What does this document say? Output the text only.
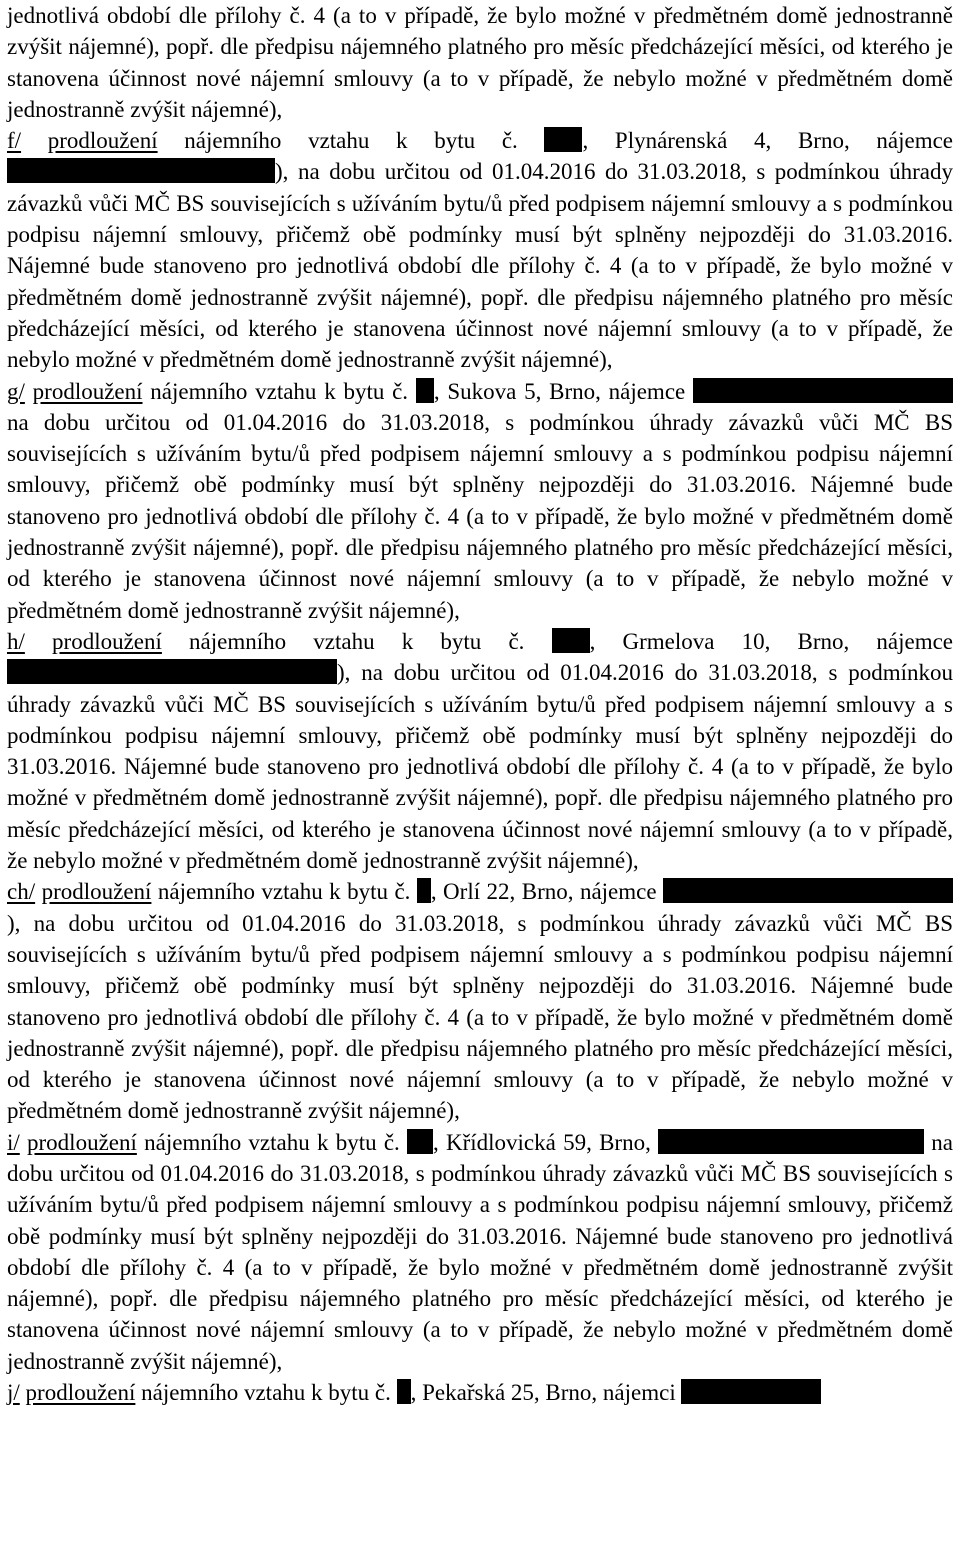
jednotlivá období dle přílohy č. 4 (a to v případě, že bylo možné v předmětném domě jednostranně zvýšit nájemné), popř. dle předpisu nájemného platného pro měsíc předcházející měsíci, od kterého je stanovena účinnost nové nájemní smlouvy (a to v případě, že nebylo možné v předmětném domě jednostranně zvýšit nájemné),

f/ prodloužení nájemního vztahu k bytu č. , Plynárenská 4, Brno, nájemce ), na dobu určitou od 01.04.2016 do 31.03.2018, s podmínkou úhrady závazků vůči MČ BS souvisejících s užíváním bytu/ů před podpisem nájemní smlouvy a s podmínkou podpisu nájemní smlouvy, přičemž obě podmínky musí být splněny nejpozději do 31.03.2016. Nájemné bude stanoveno pro jednotlivá období dle přílohy č. 4 (a to v případě, že bylo možné v předmětném domě jednostranně zvýšit nájemné), popř. dle předpisu nájemného platného pro měsíc předcházející měsíci, od kterého je stanovena účinnost nové nájemní smlouvy (a to v případě, že nebylo možné v předmětném domě jednostranně zvýšit nájemné),

g/ prodloužení nájemního vztahu k bytu č. , Sukova 5, Brno, nájemce  na dobu určitou od 01.04.2016 do 31.03.2018, s podmínkou úhrady závazků vůči MČ BS souvisejících s užíváním bytu/ů před podpisem nájemní smlouvy a s podmínkou podpisu nájemní smlouvy, přičemž obě podmínky musí být splněny nejpozději do 31.03.2016. Nájemné bude stanoveno pro jednotlivá období dle přílohy č. 4 (a to v případě, že bylo možné v předmětném domě jednostranně zvýšit nájemné), popř. dle předpisu nájemného platného pro měsíc předcházející měsíci, od kterého je stanovena účinnost nové nájemní smlouvy (a to v případě, že nebylo možné v předmětném domě jednostranně zvýšit nájemné),

h/ prodloužení nájemního vztahu k bytu č. , Grmelova 10, Brno, nájemce ), na dobu určitou od 01.04.2016 do 31.03.2018, s podmínkou úhrady závazků vůči MČ BS souvisejících s užíváním bytu/ů před podpisem nájemní smlouvy a s podmínkou podpisu nájemní smlouvy, přičemž obě podmínky musí být splněny nejpozději do 31.03.2016. Nájemné bude stanoveno pro jednotlivá období dle přílohy č. 4 (a to v případě, že bylo možné v předmětném domě jednostranně zvýšit nájemné), popř. dle předpisu nájemného platného pro měsíc předcházející měsíci, od kterého je stanovena účinnost nové nájemní smlouvy (a to v případě, že nebylo možné v předmětném domě jednostranně zvýšit nájemné),

ch/ prodloužení nájemního vztahu k bytu č. , Orlí 22, Brno, nájemce ), na dobu určitou od 01.04.2016 do 31.03.2018, s podmínkou úhrady závazků vůči MČ BS souvisejících s užíváním bytu/ů před podpisem nájemní smlouvy a s podmínkou podpisu nájemní smlouvy, přičemž obě podmínky musí být splněny nejpozději do 31.03.2016. Nájemné bude stanoveno pro jednotlivá období dle přílohy č. 4 (a to v případě, že bylo možné v předmětném domě jednostranně zvýšit nájemné), popř. dle předpisu nájemného platného pro měsíc předcházející měsíci, od kterého je stanovena účinnost nové nájemní smlouvy (a to v případě, že nebylo možné v předmětném domě jednostranně zvýšit nájemné),

i/ prodloužení nájemního vztahu k bytu č. , Křídlovická 59, Brno,	na dobu určitou od 01.04.2016 do 31.03.2018, s podmínkou úhrady závazků vůči MČ BS souvisejících s užíváním bytu/ů před podpisem nájemní smlouvy a s podmínkou podpisu nájemní smlouvy, přičemž obě podmínky musí být splněny nejpozději do 31.03.2016. Nájemné bude stanoveno pro jednotlivá období dle přílohy č. 4 (a to v případě, že bylo možné v předmětném domě jednostranně zvýšit nájemné), popř. dle předpisu nájemného platného pro měsíc předcházející měsíci, od kterého je stanovena účinnost nové nájemní smlouvy (a to v případě, že nebylo možné v předmětném domě jednostranně zvýšit nájemné),

j/ prodloužení nájemního vztahu k bytu č. , Pekařská 25, Brno, nájemci
